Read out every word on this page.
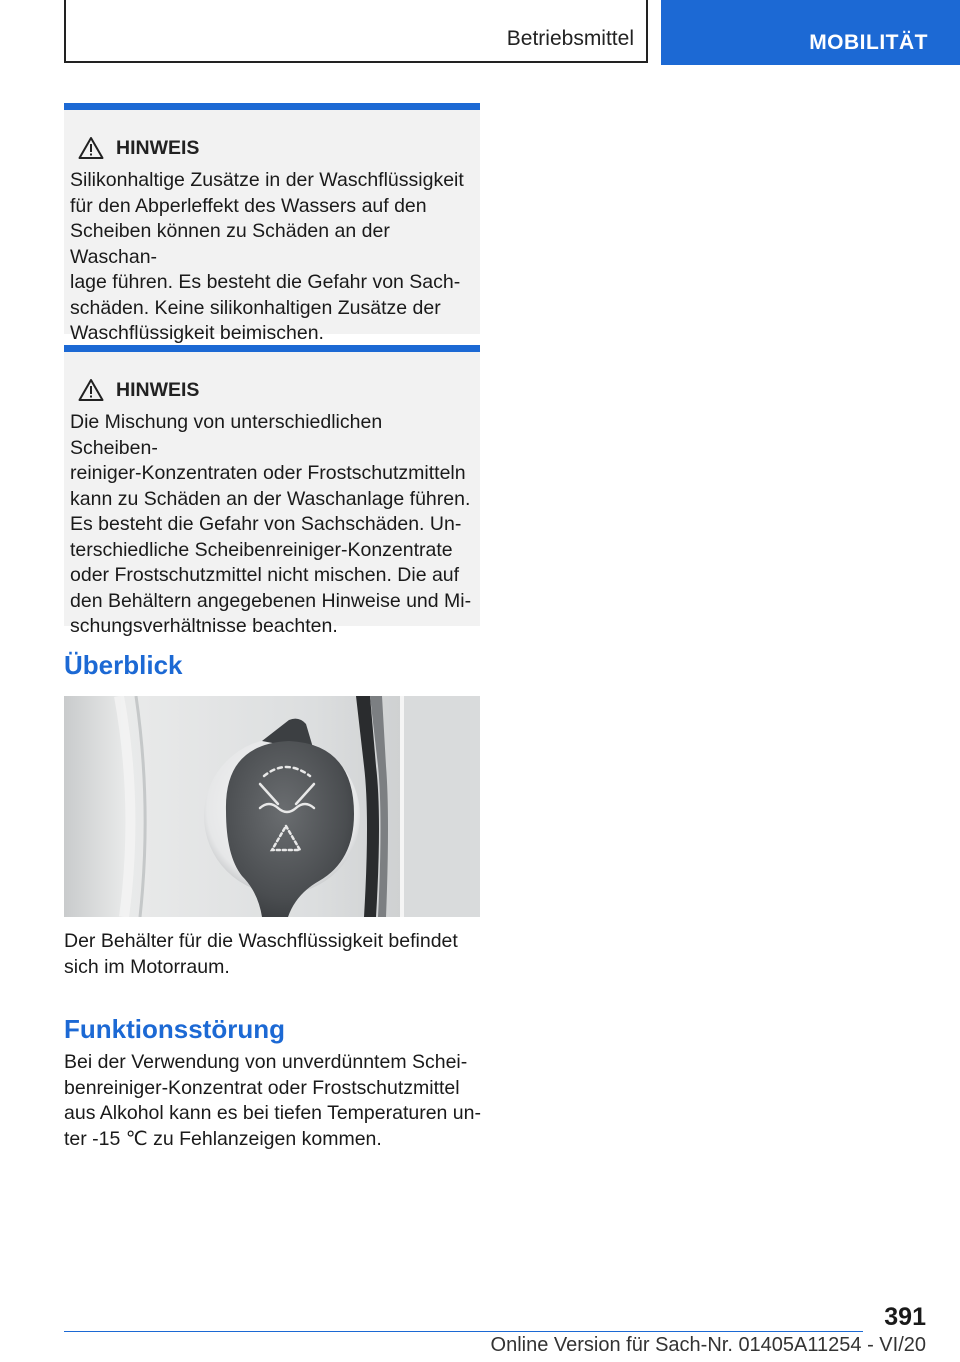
Betriebsmittel	MOBILITÄT
HINWEIS

Silikonhaltige Zusätze in der Waschflüssigkeit
für den Abperleffekt des Wassers auf den
Scheiben können zu Schäden an der Waschan‐
lage führen. Es besteht die Gefahr von Sach‐
schäden. Keine silikonhaltigen Zusätze der
Waschflüssigkeit beimischen.

HINWEIS

Die Mischung von unterschiedlichen Scheiben‐
reiniger-Konzentraten oder Frostschutzmitteln
kann zu Schäden an der Waschanlage führen.
Es besteht die Gefahr von Sachschäden. Un‐
terschiedliche Scheibenreiniger-Konzentrate
oder Frostschutzmittel nicht mischen. Die auf
den Behältern angegebenen Hinweise und Mi‐
schungsverhältnisse beachten.

Überblick

Der Behälter für die Waschflüssigkeit befindet
sich im Motorraum.

Funktionsstörung

Bei der Verwendung von unverdünntem Schei‐
benreiniger-Konzentrat oder Frostschutzmittel
aus Alkohol kann es bei tiefen Temperaturen un‐
ter -15 ℃ zu Fehlanzeigen kommen.

391
Online Version für Sach-Nr. 01405A11254 - VI/20
